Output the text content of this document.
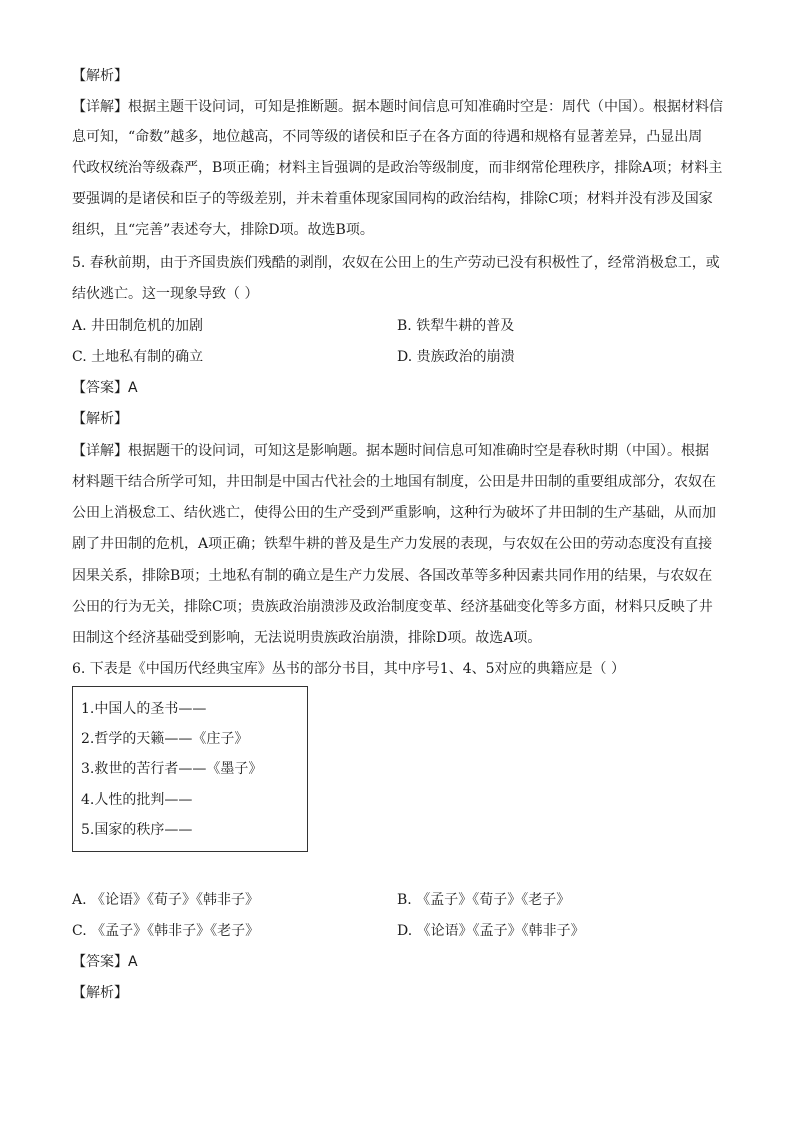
【解析】
【详解】根据主题干设问词，可知是推断题。据本题时间信息可知准确时空是：周代（中国）。根据材料信
息可知，“命数”越多，地位越高，不同等级的诸侯和臣子在各方面的待遇和规格有显著差异，凸显出周
代政权统治等级森严，B项正确；材料主旨强调的是政治等级制度，而非纲常伦理秩序，排除A项；材料主
要强调的是诸侯和臣子的等级差别，并未着重体现家国同构的政治结构，排除C项；材料并没有涉及国家
组织，且“完善”表述夸大，排除D项。故选B项。
5. 春秋前期，由于齐国贵族们残酷的剥削，农奴在公田上的生产劳动已没有积极性了，经常消极怠工，或
结伙逃亡。这一现象导致（ ）
A. 井田制危机的加剧	B. 铁犁牛耕的普及
C. 土地私有制的确立	D. 贵族政治的崩溃
【答案】A
【解析】
【详解】根据题干的设问词，可知这是影响题。据本题时间信息可知准确时空是春秋时期（中国）。根据
材料题干结合所学可知，井田制是中国古代社会的土地国有制度，公田是井田制的重要组成部分，农奴在
公田上消极怠工、结伙逃亡，使得公田的生产受到严重影响，这种行为破坏了井田制的生产基础，从而加
剧了井田制的危机，A项正确；铁犁牛耕的普及是生产力发展的表现，与农奴在公田的劳动态度没有直接
因果关系，排除B项；土地私有制的确立是生产力发展、各国改革等多种因素共同作用的结果，与农奴在
公田的行为无关，排除C项；贵族政治崩溃涉及政治制度变革、经济基础变化等多方面，材料只反映了井
田制这个经济基础受到影响，无法说明贵族政治崩溃，排除D项。故选A项。
6. 下表是《中国历代经典宝库》丛书的部分书目，其中序号1、4、5对应的典籍应是（ ）
1.中国人的圣书——
2.哲学的天籁——《庄子》
3.救世的苦行者——《墨子》
4.人性的批判——
5.国家的秩序——
A. 《论语》《荀子》《韩非子》	B. 《孟子》《荀子》《老子》
C. 《孟子》《韩非子》《老子》	D. 《论语》《孟子》《韩非子》
【答案】A
【解析】
